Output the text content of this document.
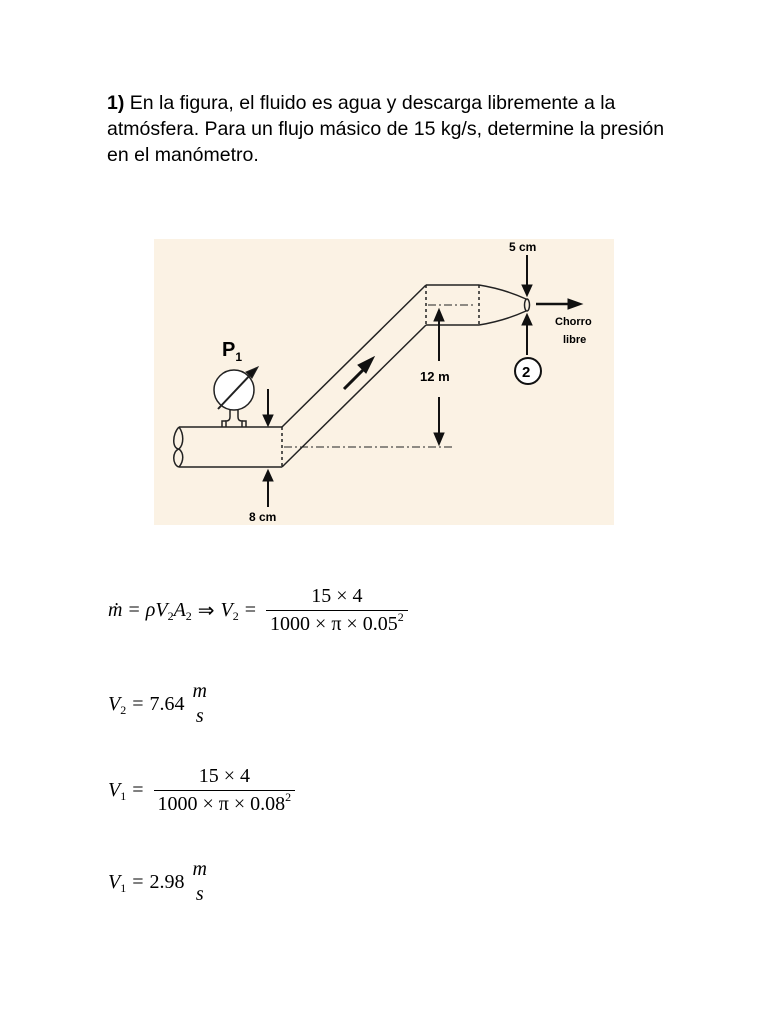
1) En la figura, el fluido es agua y descarga libremente a la atmósfera. Para un flujo másico de 15 kg/s, determine la presión en el manómetro.
$P_1$
8 cm
12 m
5 cm
Chorro
libre
2
ṁ = ρV 2 A 2 ⇒ V $2 = \frac{15 \times 4}{1000 \times \pi \times 0.05^2}$
V 2 = 7.64
m
s
V $1 = \frac{15 \times 4}{1000 \times \pi \times 0.08^2}$
V 1 = 2.98
m
s
